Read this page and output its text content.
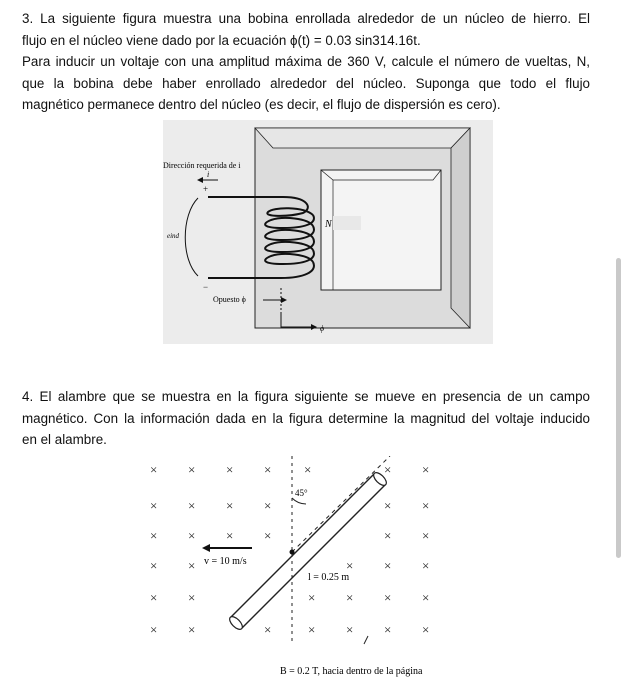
3. La siguiente figura muestra una bobina enrollada alrededor de un núcleo de hierro. El
flujo en el núcleo viene dado por la ecuación ϕ(t) = 0.03 sin314.16t.
Para inducir un voltaje con una amplitud máxima de 360 V, calcule el número de vueltas, N,
que la bobina debe haber enrollado alrededor del núcleo. Suponga que todo el flujo
magnético permanece dentro del núcleo (es decir, el flujo de dispersión es cero).
N
Dirección requerida de i
i
+
−
eind
Opuesto ϕ
ϕ
4. El alambre que se muestra en la figura siguiente se mueve en presencia de un campo
magnético. Con la información dada en la figura determine la magnitud del voltaje inducido
en el alambre.
× × × ×	×	× ×
× × × ×	× ×
× × × ×	× ×
× ×	× × ×
× ×	× × × ×
× ×	×	× × × ×
45°
v = 10 m/s
l = 0.25 m
B = 0.2 T, hacia dentro de la página
